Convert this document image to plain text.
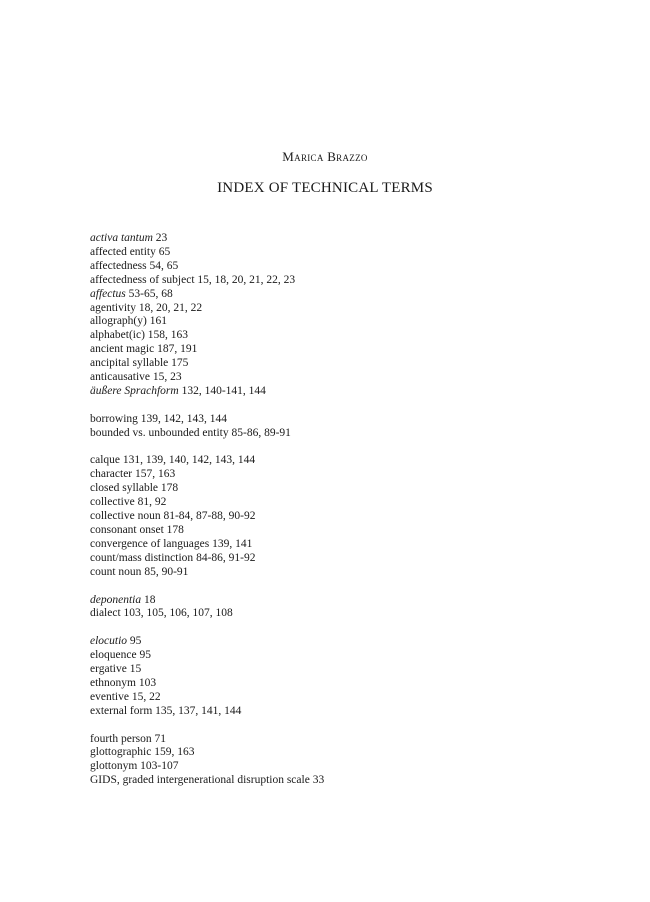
Marica Brazzo
INDEX OF TECHNICAL TERMS
activa tantum 23
affected entity 65
affectedness 54, 65
affectedness of subject 15, 18, 20, 21, 22, 23
affectus 53-65, 68
agentivity 18, 20, 21, 22
allograph(y) 161
alphabet(ic) 158, 163
ancient magic 187, 191
ancipital syllable 175
anticausative 15, 23
äußere Sprachform 132, 140-141, 144
borrowing 139, 142, 143, 144
bounded vs. unbounded entity 85-86, 89-91
calque 131, 139, 140, 142, 143, 144
character 157, 163
closed syllable 178
collective 81, 92
collective noun 81-84, 87-88, 90-92
consonant onset 178
convergence of languages 139, 141
count/mass distinction 84-86, 91-92
count noun 85, 90-91
deponentia 18
dialect 103, 105, 106, 107, 108
elocutio 95
eloquence 95
ergative 15
ethnonym 103
eventive 15, 22
external form 135, 137, 141, 144
fourth person 71
glottographic 159, 163
glottonym 103-107
GIDS, graded intergenerational disruption scale 33
